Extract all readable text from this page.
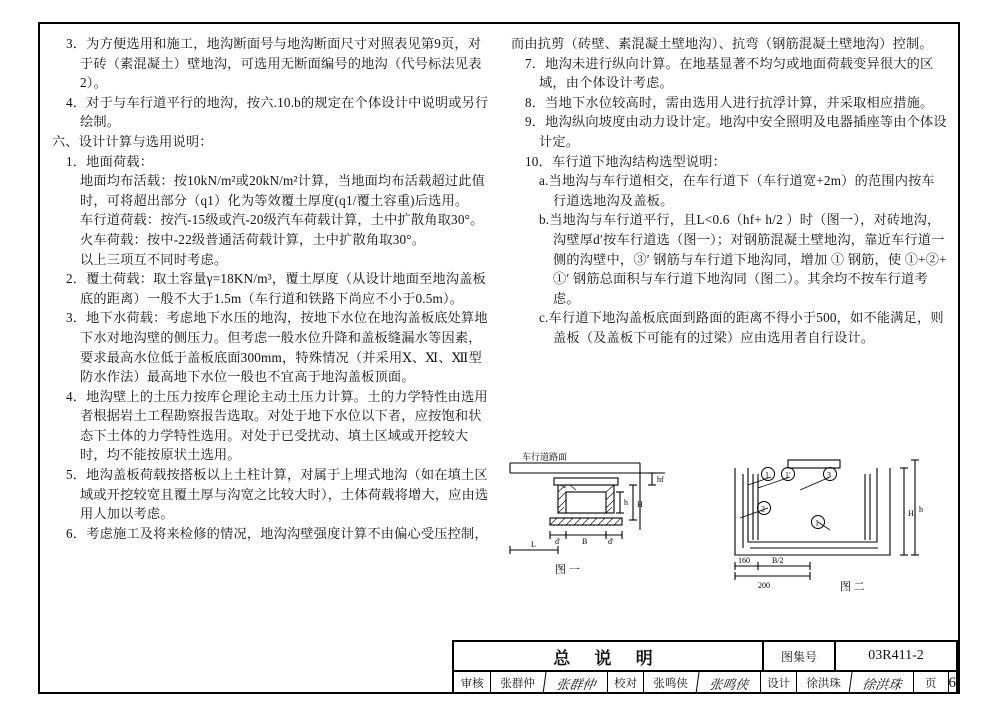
3．为方便选用和施工，地沟断面号与地沟断面尺寸对照表见第9页，对于砖（素混凝土）壁地沟，可选用无断面编号的地沟（代号标法见表2）。

4．对于与车行道平行的地沟，按六.10.b的规定在个体设计中说明或另行绘制。

六、设计计算与选用说明：

1．地面荷载：

地面均布活载：按10kN/m²或20kN/m²计算，当地面均布活载超过此值时，可将超出部分（q1）化为等效覆土厚度(q1/覆土容重)后选用。

车行道荷载：按汽-15级或汽-20级汽车荷载计算，土中扩散角取30°。

火车荷载：按中-22级普通活荷载计算，土中扩散角取30°。

以上三项互不同时考虑。

2．覆土荷载：取土容量γ=18KN/m³，覆土厚度（从设计地面至地沟盖板底的距离）一般不大于1.5m（车行道和铁路下尚应不小于0.5m）。

3．地下水荷载：考虑地下水压的地沟，按地下水位在地沟盖板底处算地下水对地沟壁的侧压力。但考虑一般水位升降和盖板缝漏水等因素，要求最高水位低于盖板底面300mm，特殊情况（并采用Ⅹ、Ⅺ、Ⅻ型防水作法）最高地下水位一般也不宜高于地沟盖板顶面。

4．地沟壁上的土压力按库仑理论主动土压力计算。土的力学特性由选用者根据岩土工程勘察报告选取。对处于地下水位以下者，应按饱和状态下土体的力学特性选用。对处于已受扰动、填土区域或开挖较大时，均不能按原状土选用。

5．地沟盖板荷载按搭板以上土柱计算，对属于上埋式地沟（如在填土区域或开挖较宽且覆土厚与沟宽之比较大时），土体荷载将增大，应由选用人加以考虑。

6．考虑施工及将来检修的情况，地沟沟壁强度计算不由偏心受压控制，

而由抗剪（砖壁、素混凝土壁地沟）、抗弯（钢筋混凝土壁地沟）控制。

7．地沟未进行纵向计算。在地基显著不均匀或地面荷载变异很大的区域，由个体设计考虑。

8．当地下水位较高时，需由选用人进行抗浮计算，并采取相应措施。

9．地沟纵向坡度由动力设计定。地沟中安全照明及电器插座等由个体设计定。

10．车行道下地沟结构选型说明：

a.当地沟与车行道相交，在车行道下（车行道宽+2m）的范围内按车行道选地沟及盖板。

b.当地沟与车行道平行，且L<0.6（hf+ h/2 ）时（图一），对砖地沟，沟壁厚d′按车行道选（图一）；对钢筋混凝土壁地沟，靠近车行道一侧的沟壁中，③′ 钢筋与车行道下地沟同，增加 ① 钢筋，使 ①+②+ ①′ 钢筋总面积与车行道下地沟同（图二）。其余均不按车行道考虑。

c.车行道下地沟盖板底面到路面的距离不得小于500，如不能满足，则盖板（及盖板下可能有的过梁）应由选用者自行设计。

车行道路面
hf
H
h
B
d′	d′
L
图 一
1 1′	3
2
1
H h
160	B/2
200	图 二
总 说 明	图集号	03R411-2
审核	张群仲	张群仲	校对	张鸣侠	张鸣侠	设计	徐洪珠	徐洪珠	页 6
